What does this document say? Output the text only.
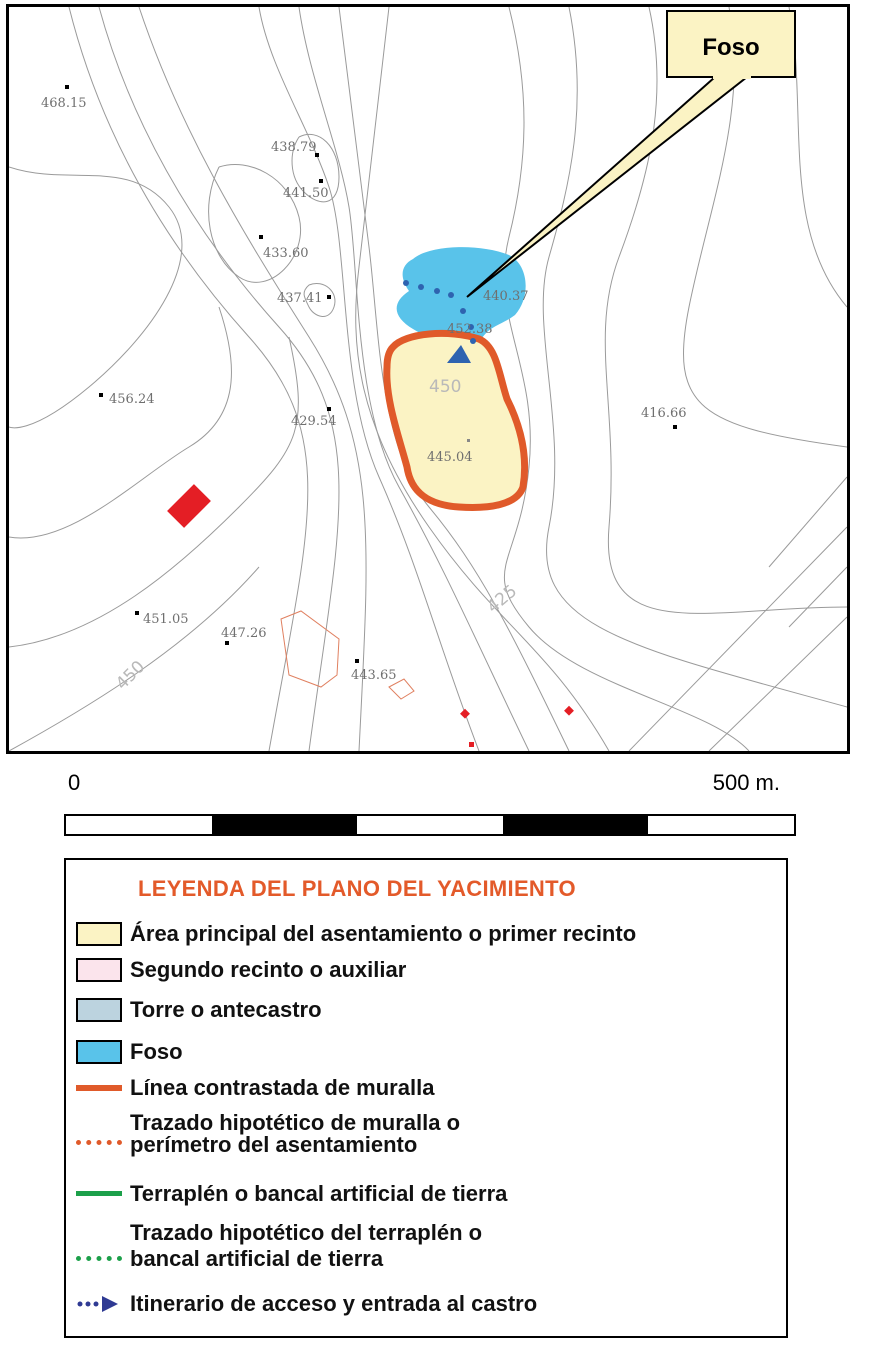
450
425
450
468.15
438.79
441.50
433.60
437.41	440.37
452.38
456.24
429.54
445.04
416.66
451.05
447.26
443.65
Foso
0	500 m.
LEYENDA DEL PLANO DEL YACIMIENTO
Área principal del asentamiento o primer recinto
Segundo recinto o auxiliar
Torre o antecastro
Foso
Línea contrastada de muralla
Trazado hipotético de muralla o
perímetro del asentamiento
Terraplén o bancal artificial de tierra
Trazado hipotético del terraplén o
bancal artificial de tierra
Itinerario de acceso y entrada al castro
